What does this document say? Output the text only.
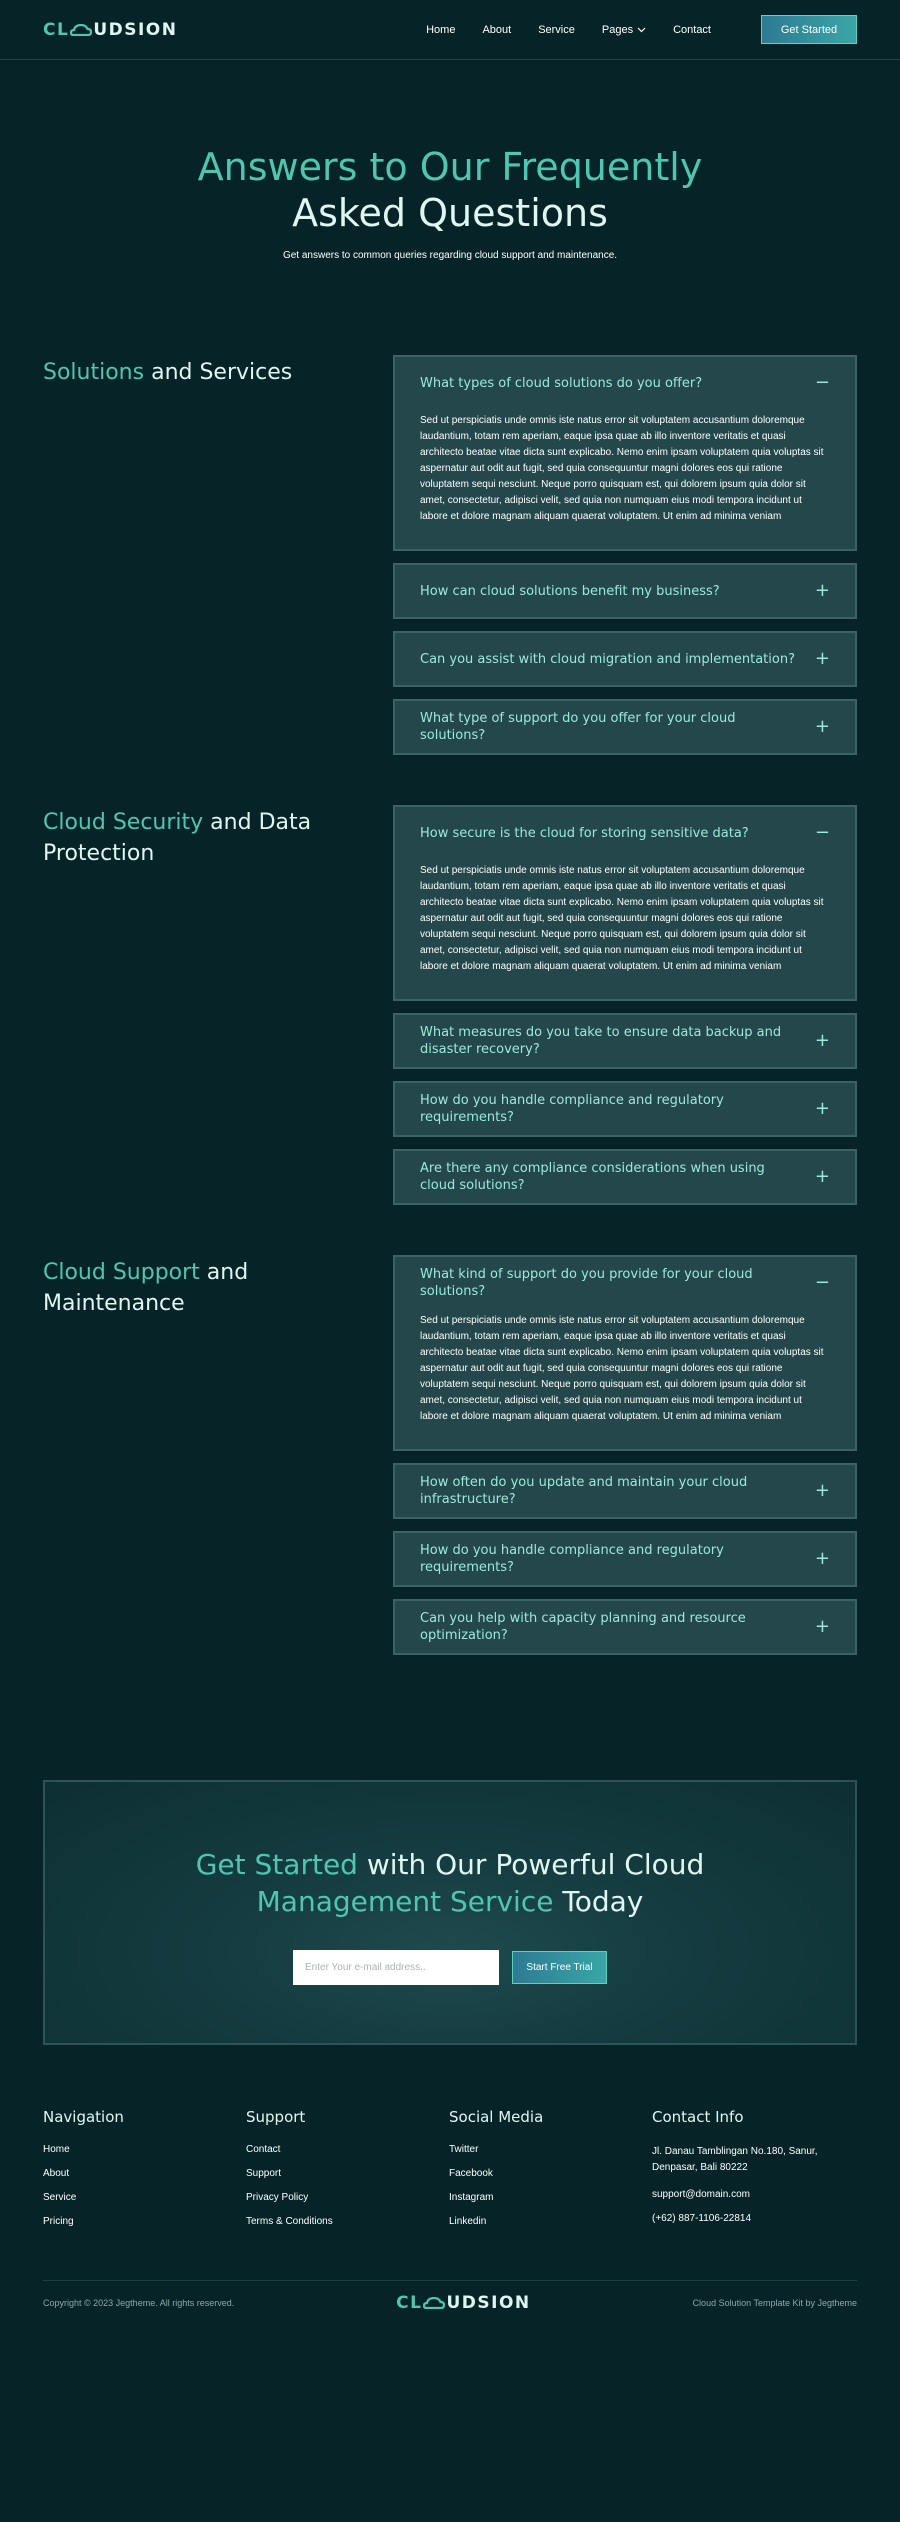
CL UDSION	Home About Service Pages	Contact	Get Started
Answers to Our Frequently
Asked Questions

Get answers to common queries regarding cloud support and maintenance.

Solutions and Services	What types of cloud solutions do you offer?	−
Sed ut perspiciatis unde omnis iste natus error sit voluptatem accusantium doloremque laudantium, totam rem aperiam, eaque ipsa quae ab illo inventore veritatis et quasi architecto beatae vitae dicta sunt explicabo. Nemo enim ipsam voluptatem quia voluptas sit aspernatur aut odit aut fugit, sed quia consequuntur magni dolores eos qui ratione voluptatem sequi nesciunt. Neque porro quisquam est, qui dolorem ipsum quia dolor sit amet, consectetur, adipisci velit, sed quia non numquam eius modi tempora incidunt ut labore et dolore magnam aliquam quaerat voluptatem. Ut enim ad minima veniam
How can cloud solutions benefit my business?	+
Can you assist with cloud migration and implementation?	+
What type of support do you offer for your cloud solutions?	+
Cloud Security and Data Protection
How secure is the cloud for storing sensitive data?	−
Sed ut perspiciatis unde omnis iste natus error sit voluptatem accusantium doloremque laudantium, totam rem aperiam, eaque ipsa quae ab illo inventore veritatis et quasi architecto beatae vitae dicta sunt explicabo. Nemo enim ipsam voluptatem quia voluptas sit aspernatur aut odit aut fugit, sed quia consequuntur magni dolores eos qui ratione voluptatem sequi nesciunt. Neque porro quisquam est, qui dolorem ipsum quia dolor sit amet, consectetur, adipisci velit, sed quia non numquam eius modi tempora incidunt ut labore et dolore magnam aliquam quaerat voluptatem. Ut enim ad minima veniam
What measures do you take to ensure data backup and disaster recovery?	+
How do you handle compliance and regulatory requirements?	+
Are there any compliance considerations when using cloud solutions?	+
Cloud Support and Maintenance
What kind of support do you provide for your cloud solutions?	−
Sed ut perspiciatis unde omnis iste natus error sit voluptatem accusantium doloremque laudantium, totam rem aperiam, eaque ipsa quae ab illo inventore veritatis et quasi architecto beatae vitae dicta sunt explicabo. Nemo enim ipsam voluptatem quia voluptas sit aspernatur aut odit aut fugit, sed quia consequuntur magni dolores eos qui ratione voluptatem sequi nesciunt. Neque porro quisquam est, qui dolorem ipsum quia dolor sit amet, consectetur, adipisci velit, sed quia non numquam eius modi tempora incidunt ut labore et dolore magnam aliquam quaerat voluptatem. Ut enim ad minima veniam
How often do you update and maintain your cloud infrastructure?	+
How do you handle compliance and regulatory requirements?	+
Can you help with capacity planning and resource optimization?	+
Get Started with Our Powerful Cloud
Management Service Today
Enter Your e-mail address..
Start Free Trial
Navigation
Home
About
Service
Pricing
Support
Contact
Support
Privacy Policy
Terms & Conditions
Social Media
Twitter
Facebook
Instagram
Linkedin
Contact Info
Jl. Danau Tamblingan No.180, Sanur, Denpasar, Bali 80222
support@domain.com
(+62) 887-1106-22814
Copyright © 2023 Jegtheme. All rights reserved.	CL UDSION	Cloud Solution Template Kit by Jegtheme
